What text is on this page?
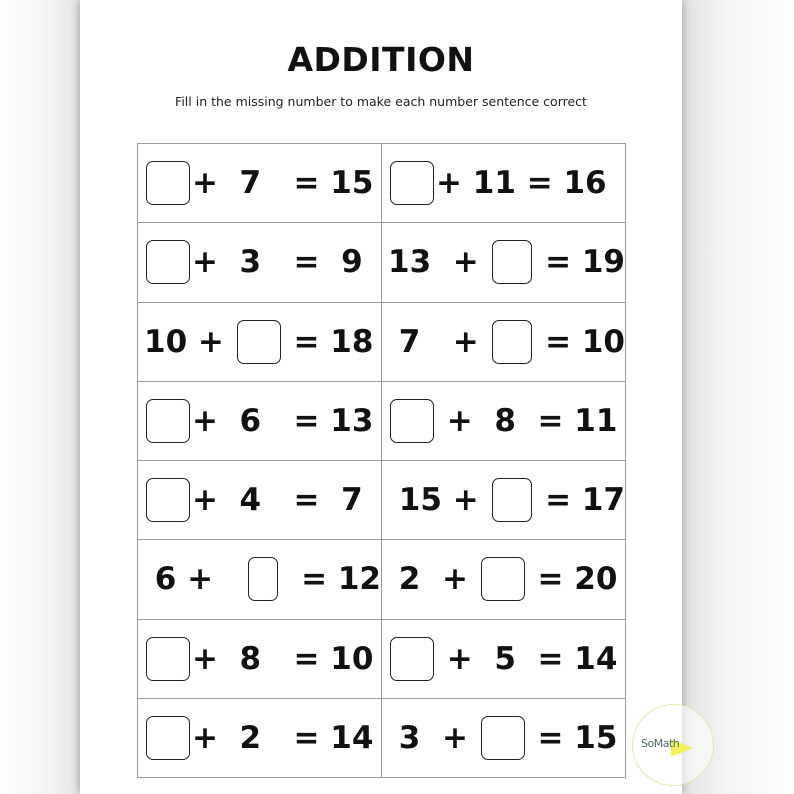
ADDITION
Fill in the missing number to make each number sentence correct
+  7 = 15 + 11 = 16
+  3 =  9 13  + = 19
10 + = 18 7   + = 10
+  6 = 13 +  8 = 11
+  4 =  7 15 + = 17
6 + = 12 2  + = 20
+  8 = 10 +  5 = 14
+  2 = 14 3  + = 15 SoMath
